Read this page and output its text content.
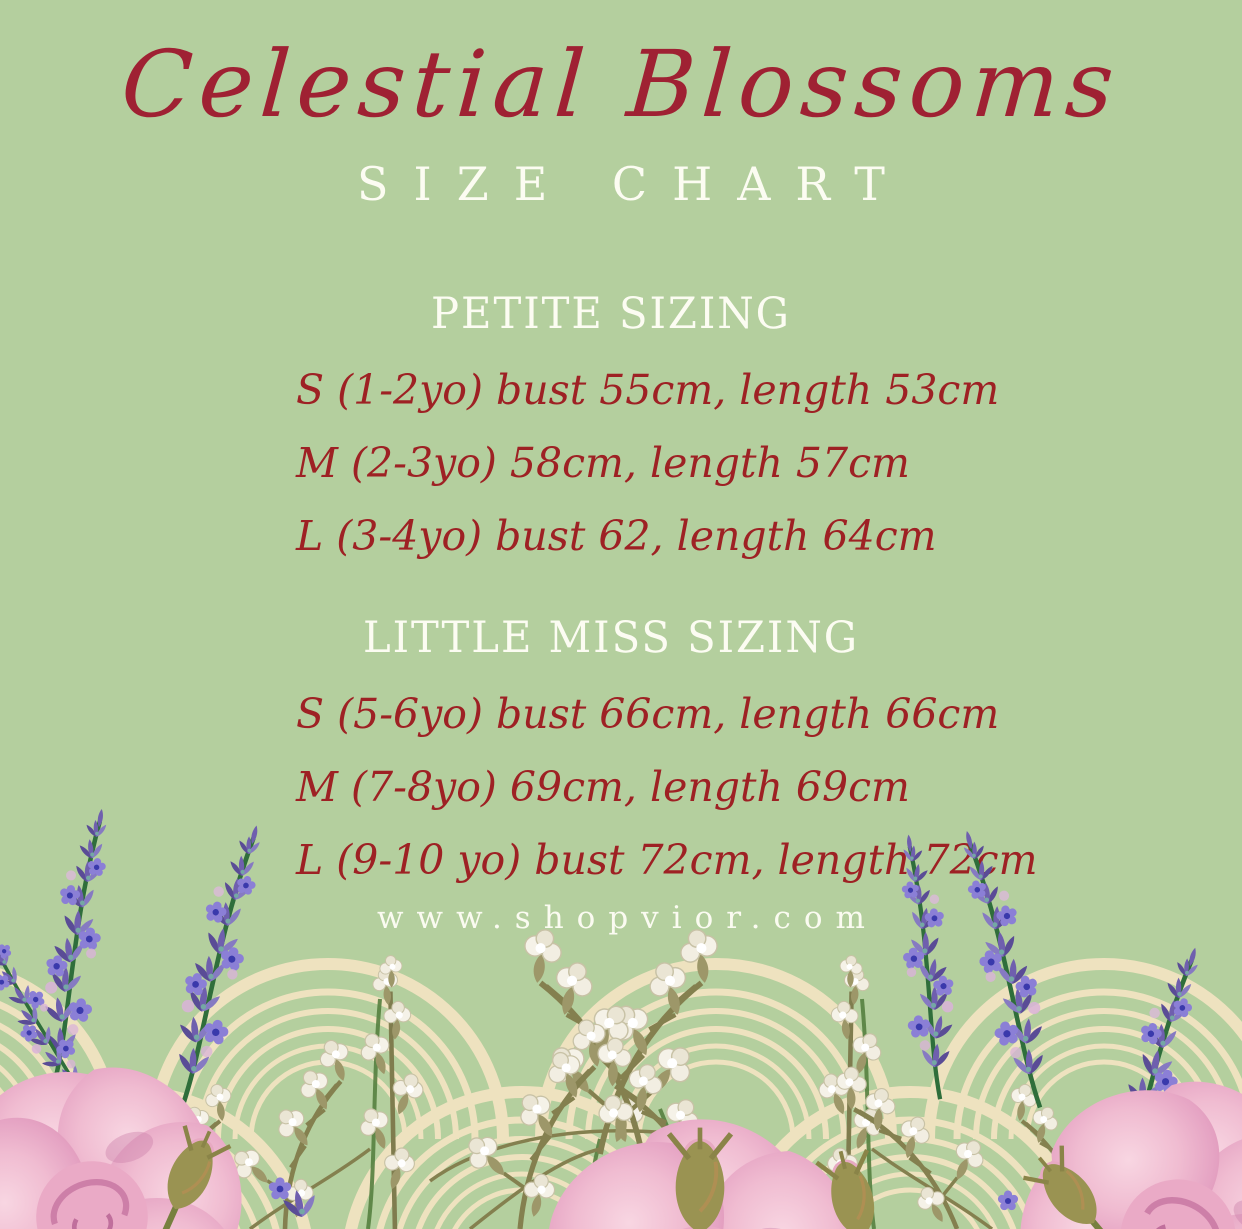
Celestial Blossoms
SIZE CHART
PETITE SIZING
S (1-2yo) bust 55cm, length 53cm
M (2-3yo) 58cm, length 57cm
L (3-4yo) bust 62, length 64cm
LITTLE MISS SIZING
S (5-6yo) bust 66cm, length 66cm
M (7-8yo) 69cm, length 69cm
L (9-10 yo) bust 72cm, length 72cm
www.shopvior.com
